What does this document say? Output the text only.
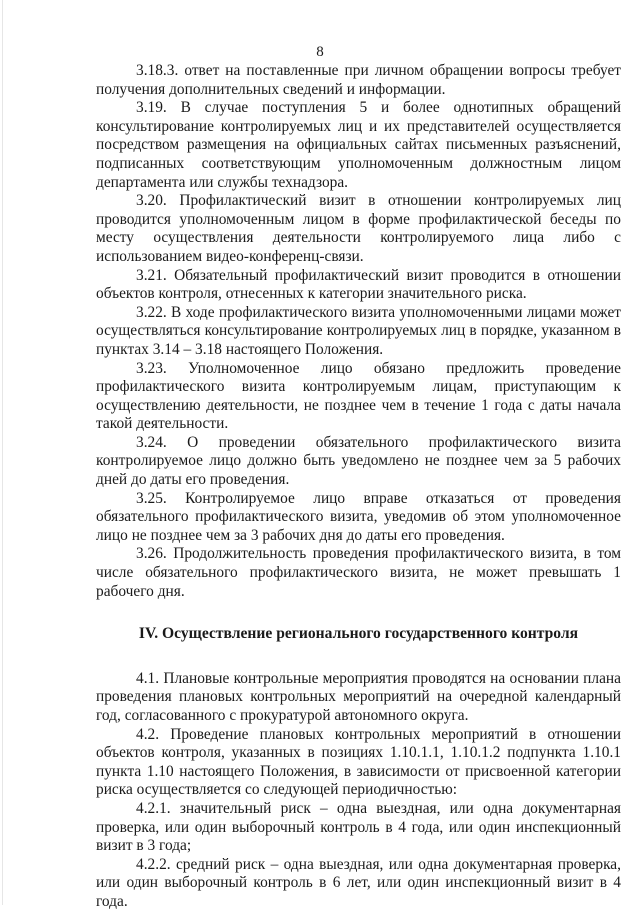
8

3.18.3. ответ на поставленные при личном обращении вопросы требует получения дополнительных сведений и информации.

3.19. В случае поступления 5 и более однотипных обращений консультирование контролируемых лиц и их представителей осуществляется посредством размещения на официальных сайтах письменных разъяснений, подписанных соответствующим уполномоченным должностным лицом департамента или службы технадзора.

3.20. Профилактический визит в отношении контролируемых лиц проводится уполномоченным лицом в форме профилактической беседы по месту осуществления деятельности контролируемого лица либо с использованием видео-конференц-связи.

3.21. Обязательный профилактический визит проводится в отношении объектов контроля, отнесенных к категории значительного риска.

3.22. В ходе профилактического визита уполномоченными лицами может осуществляться консультирование контролируемых лиц в порядке, указанном в пунктах 3.14 – 3.18 настоящего Положения.

3.23. Уполномоченное лицо обязано предложить проведение профилактического визита контролируемым лицам, приступающим к осуществлению деятельности, не позднее чем в течение 1 года с даты начала такой деятельности.

3.24. О проведении обязательного профилактического визита контролируемое лицо должно быть уведомлено не позднее чем за 5 рабочих дней до даты его проведения.

3.25. Контролируемое лицо вправе отказаться от проведения обязательного профилактического визита, уведомив об этом уполномоченное лицо не позднее чем за 3 рабочих дня до даты его проведения.

3.26. Продолжительность проведения профилактического визита, в том числе обязательного профилактического визита, не может превышать 1 рабочего дня.

IV. Осуществление регионального государственного контроля

4.1. Плановые контрольные мероприятия проводятся на основании плана проведения плановых контрольных мероприятий на очередной календарный год, согласованного с прокуратурой автономного округа.

4.2. Проведение плановых контрольных мероприятий в отношении объектов контроля, указанных в позициях 1.10.1.1, 1.10.1.2 подпункта 1.10.1 пункта 1.10 настоящего Положения, в зависимости от присвоенной категории риска осуществляется со следующей периодичностью:

4.2.1. значительный риск – одна выездная, или одна документарная проверка, или один выборочный контроль в 4 года, или один инспекционный визит в 3 года;

4.2.2. средний риск – одна выездная, или одна документарная проверка, или один выборочный контроль в 6 лет, или один инспекционный визит в 4 года.
